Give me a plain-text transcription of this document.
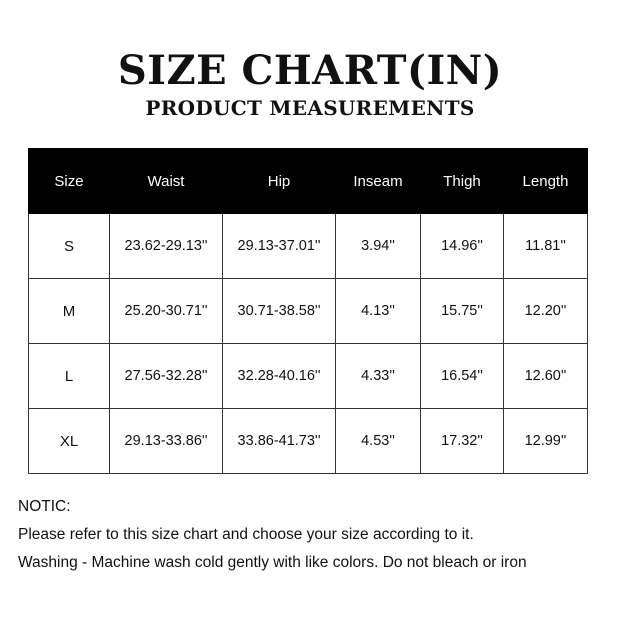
SIZE CHART(IN)
PRODUCT MEASUREMENTS
Size	Waist	Hip	Inseam	Thigh	Length
S	23.62-29.13''	29.13-37.01''	3.94''	14.96''	11.81''
M	25.20-30.71''	30.71-38.58''	4.13''	15.75''	12.20''
L	27.56-32.28''	32.28-40.16''	4.33''	16.54''	12.60''
XL	29.13-33.86''	33.86-41.73''	4.53''	17.32''	12.99''
NOTIC:
Please refer to this size chart and choose your size according to it.
Washing - Machine wash cold gently with like colors. Do not bleach or iron
